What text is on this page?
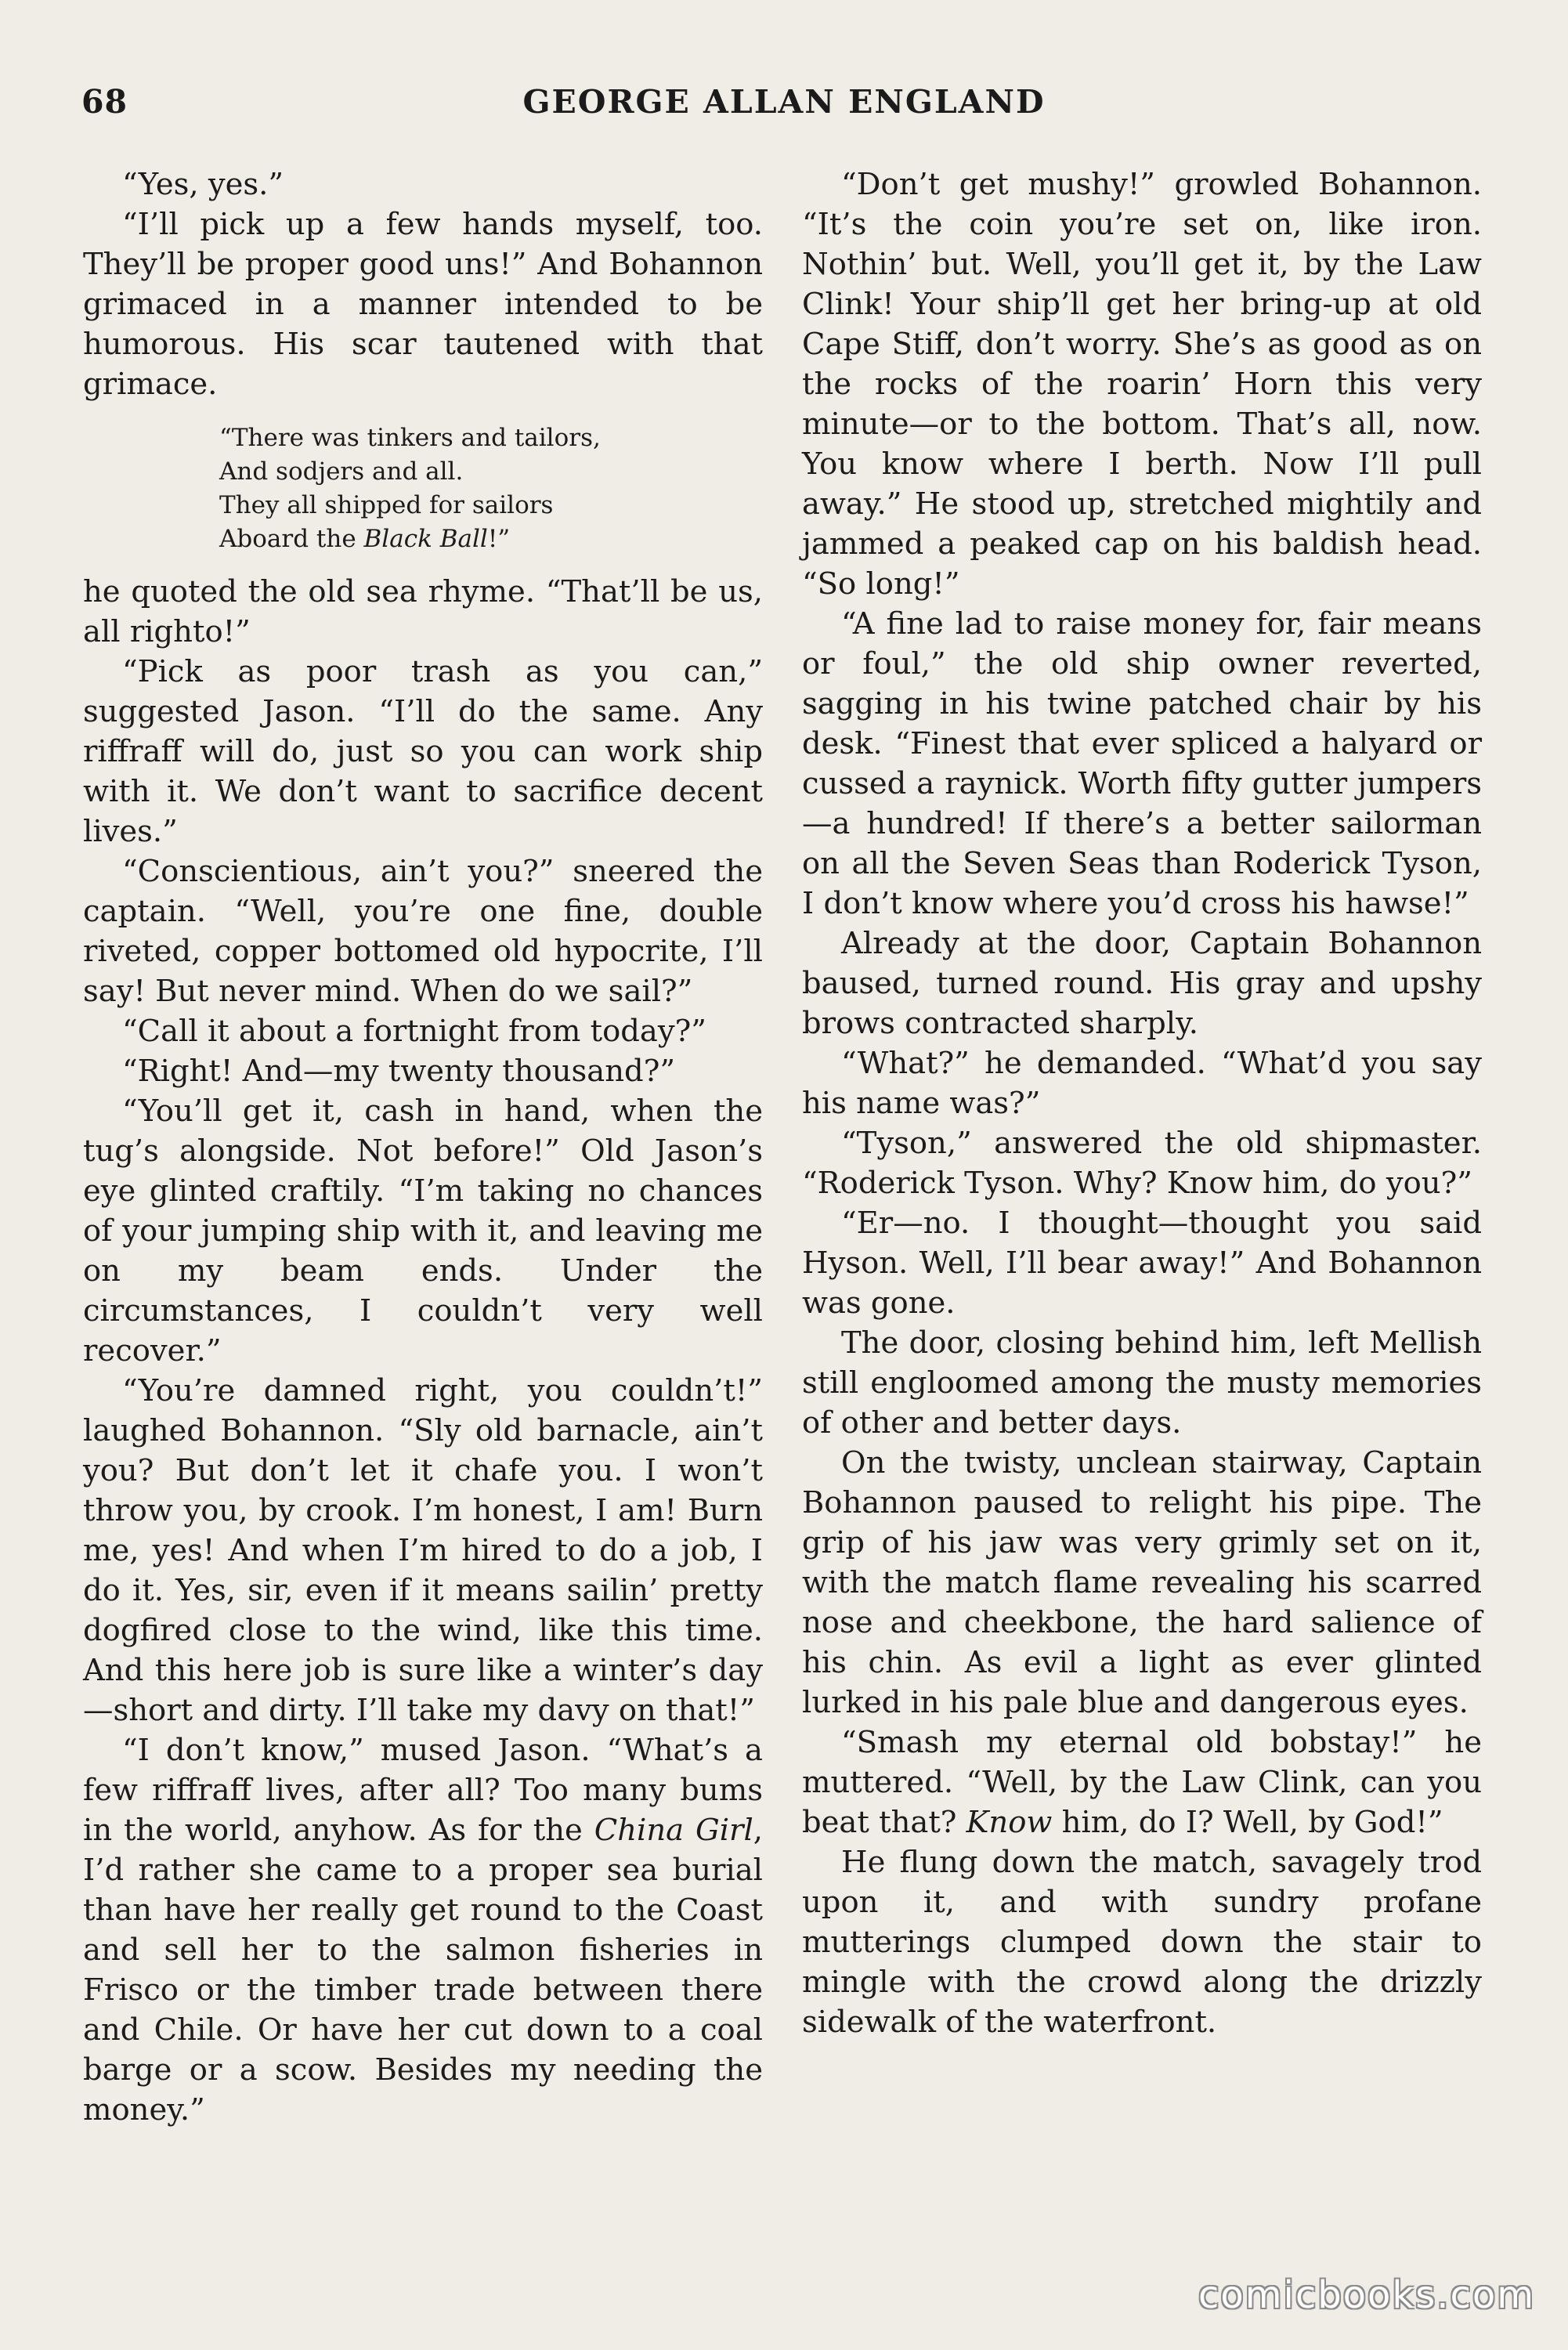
68	GEORGE ALLAN ENGLAND

“Yes, yes.”

“I’ll pick up a few hands myself, too. They’ll be proper good uns!” And Bohannon grimaced in a manner intended to be humorous. His scar tautened with that grimace.

“There was tinkers and tailors,
And sodjers and all.
They all shipped for sailors
Aboard the Black Ball!”

he quoted the old sea rhyme. “That’ll be us, all righto!”

“Pick as poor trash as you can,” suggested Jason. “I’ll do the same. Any riffraff will do, just so you can work ship with it. We don’t want to sacrifice decent lives.”

“Conscientious, ain’t you?” sneered the captain. “Well, you’re one fine, double riveted, copper bottomed old hypocrite, I’ll say! But never mind. When do we sail?”

“Call it about a fortnight from today?”

“Right! And—my twenty thousand?”

“You’ll get it, cash in hand, when the tug’s alongside. Not before!” Old Jason’s eye glinted craftily. “I’m taking no chances of your jumping ship with it, and leaving me on my beam ends. Under the circumstances, I couldn’t very well recover.”

“You’re damned right, you couldn’t!” laughed Bohannon. “Sly old barnacle, ain’t you? But don’t let it chafe you. I won’t throw you, by crook. I’m honest, I am! Burn me, yes! And when I’m hired to do a job, I do it. Yes, sir, even if it means sailin’ pretty dogfired close to the wind, like this time. And this here job is sure like a winter’s day—short and dirty. I’ll take my davy on that!”

“I don’t know,” mused Jason. “What’s a few riffraff lives, after all? Too many bums in the world, anyhow. As for the China Girl, I’d rather she came to a proper sea burial than have her really get round to the Coast and sell her to the salmon fisheries in Frisco or the timber trade between there and Chile. Or have her cut down to a coal barge or a scow. Besides my needing the money.”

“Don’t get mushy!” growled Bohannon. “It’s the coin you’re set on, like iron. Nothin’ but. Well, you’ll get it, by the Law Clink! Your ship’ll get her bring-up at old Cape Stiff, don’t worry. She’s as good as on the rocks of the roarin’ Horn this very minute—or to the bottom. That’s all, now. You know where I berth. Now I’ll pull away.” He stood up, stretched mightily and jammed a peaked cap on his baldish head. “So long!”

“A fine lad to raise money for, fair means or foul,” the old ship owner reverted, sagging in his twine patched chair by his desk. “Finest that ever spliced a halyard or cussed a raynick. Worth fifty gutter jumpers—a hundred! If there’s a better sailorman on all the Seven Seas than Roderick Tyson, I don’t know where you’d cross his hawse!”

Already at the door, Captain Bohannon baused, turned round. His gray and upshy brows contracted sharply.

“What?” he demanded. “What’d you say his name was?”

“Tyson,” answered the old shipmaster. “Roderick Tyson. Why? Know him, do you?”

“Er—no. I thought—thought you said Hyson. Well, I’ll bear away!” And Bohannon was gone.

The door, closing behind him, left Mellish still engloomed among the musty memories of other and better days.

On the twisty, unclean stairway, Captain Bohannon paused to relight his pipe. The grip of his jaw was very grimly set on it, with the match flame revealing his scarred nose and cheekbone, the hard salience of his chin. As evil a light as ever glinted lurked in his pale blue and dangerous eyes.

“Smash my eternal old bobstay!” he muttered. “Well, by the Law Clink, can you beat that? Know him, do I? Well, by God!”

He flung down the match, savagely trod upon it, and with sundry profane mutterings clumped down the stair to mingle with the crowd along the drizzly sidewalk of the waterfront.

comicbooks.com
